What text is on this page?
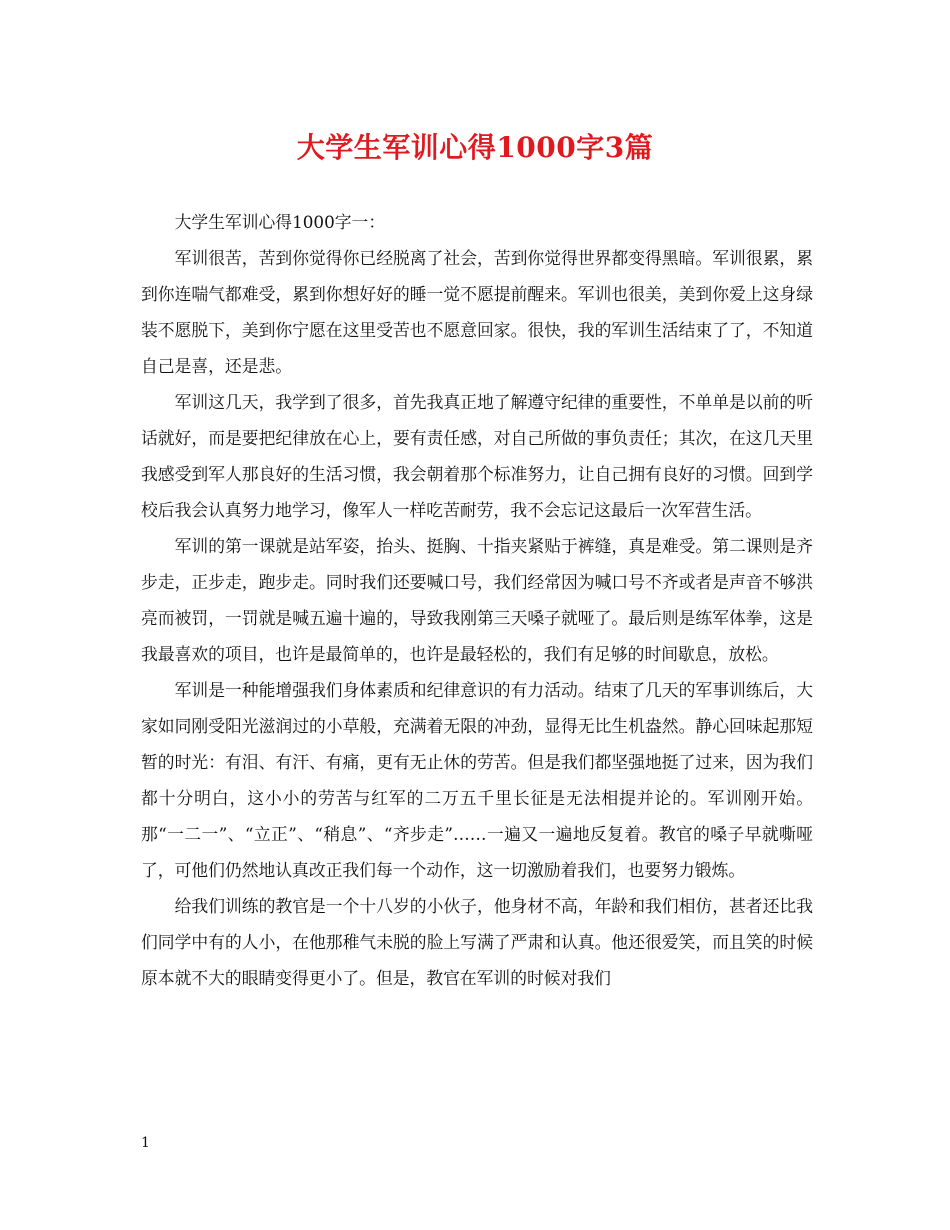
大学生军训心得1000字3篇

大学生军训心得1000字一：

军训很苦，苦到你觉得你已经脱离了社会，苦到你觉得世界都变得黑暗。军训很累，累到你连喘气都难受，累到你想好好的睡一觉不愿提前醒来。军训也很美，美到你爱上这身绿装不愿脱下，美到你宁愿在这里受苦也不愿意回家。很快，我的军训生活结束了了，不知道自己是喜，还是悲。

军训这几天，我学到了很多，首先我真正地了解遵守纪律的重要性，不单单是以前的听话就好，而是要把纪律放在心上，要有责任感，对自己所做的事负责任；其次，在这几天里我感受到军人那良好的生活习惯，我会朝着那个标准努力，让自己拥有良好的习惯。回到学校后我会认真努力地学习，像军人一样吃苦耐劳，我不会忘记这最后一次军营生活。

军训的第一课就是站军姿，抬头、挺胸、十指夹紧贴于裤缝，真是难受。第二课则是齐步走，正步走，跑步走。同时我们还要喊口号，我们经常因为喊口号不齐或者是声音不够洪亮而被罚，一罚就是喊五遍十遍的，导致我刚第三天嗓子就哑了。最后则是练军体拳，这是我最喜欢的项目，也许是最简单的，也许是最轻松的，我们有足够的时间歇息，放松。

军训是一种能增强我们身体素质和纪律意识的有力活动。结束了几天的军事训练后，大家如同刚受阳光滋润过的小草般，充满着无限的冲劲，显得无比生机盎然。静心回味起那短暂的时光：有泪、有汗、有痛，更有无止休的劳苦。但是我们都坚强地挺了过来，因为我们都十分明白，这小小的劳苦与红军的二万五千里长征是无法相提并论的。军训刚开始。那“一二一”、“立正”、“稍息”、“齐步走”……一遍又一遍地反复着。教官的嗓子早就嘶哑了，可他们仍然地认真改正我们每一个动作，这一切激励着我们，也要努力锻炼。

给我们训练的教官是一个十八岁的小伙子，他身材不高，年龄和我们相仿，甚者还比我们同学中有的人小，在他那稚气未脱的脸上写满了严肃和认真。他还很爱笑，而且笑的时候原本就不大的眼睛变得更小了。但是，教官在军训的时候对我们

1
